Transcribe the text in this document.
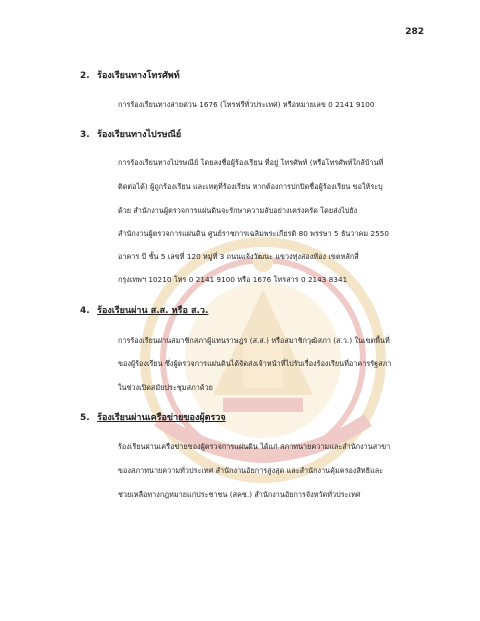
282
2. ร้องเรียนทางโทรศัพท์
การร้องเรียนทางสายด่วน 1676 (โทรฟรีทั่วประเทศ) หรือหมายเลข 0 2141 9100
3. ร้องเรียนทางไปรษณีย์
การร้องเรียนทางไปรษณีย์ โดยลงชื่อผู้ร้องเรียน ที่อยู่ โทรศัพท์ (หรือโทรศัพท์ใกล้บ้านที่
ติดต่อได้) ผู้ถูกร้องเรียน และเหตุที่ร้องเรียน หากต้องการปกปิดชื่อผู้ร้องเรียน ขอให้ระบุ
ด้วย สำนักงานผู้ตรวจการแผ่นดินจะรักษาความลับอย่างเคร่งครัด โดยส่งไปยัง
สำนักงานผู้ตรวจการแผ่นดิน ศูนย์ราชการเฉลิมพระเกียรติ 80 พรรษา 5 ธันวาคม 2550
อาคาร บี ชั้น 5 เลขที่ 120 หมู่ที่ 3 ถนนแจ้งวัฒนะ แขวงทุ่งสองห้อง เขตหลักสี่
กรุงเทพฯ 10210 โทร 0 2141 9100 หรือ 1676 โทรสาร 0 2143 8341
4. ร้องเรียนผ่าน ส.ส. หรือ ส.ว.
การร้องเรียนผ่านสมาชิกสภาผู้แทนราษฎร (ส.ส.) หรือสมาชิกวุฒิสภา (ส.ว.) ในเขตพื้นที่
ของผู้ร้องเรียน ซึ่งผู้ตรวจการแผ่นดินได้จัดส่งเจ้าหน้าที่ไปรับเรื่องร้องเรียนที่อาคารรัฐสภา
ในช่วงเปิดสมัยประชุมสภาด้วย
5. ร้องเรียนผ่านเครือข่ายของผู้ตรวจ
ร้องเรียนผ่านเครือข่ายของผู้ตรวจการแผ่นดิน ได้แก่ สภาทนายความและสำนักงานสาขา
ของสภาทนายความทั่วประเทศ สำนักงานอัยการสูงสุด และสำนักงานคุ้มครองสิทธิและ
ช่วยเหลือทางกฎหมายแก่ประชาชน (สคช.) สำนักงานอัยการจังหวัดทั่วประเทศ
